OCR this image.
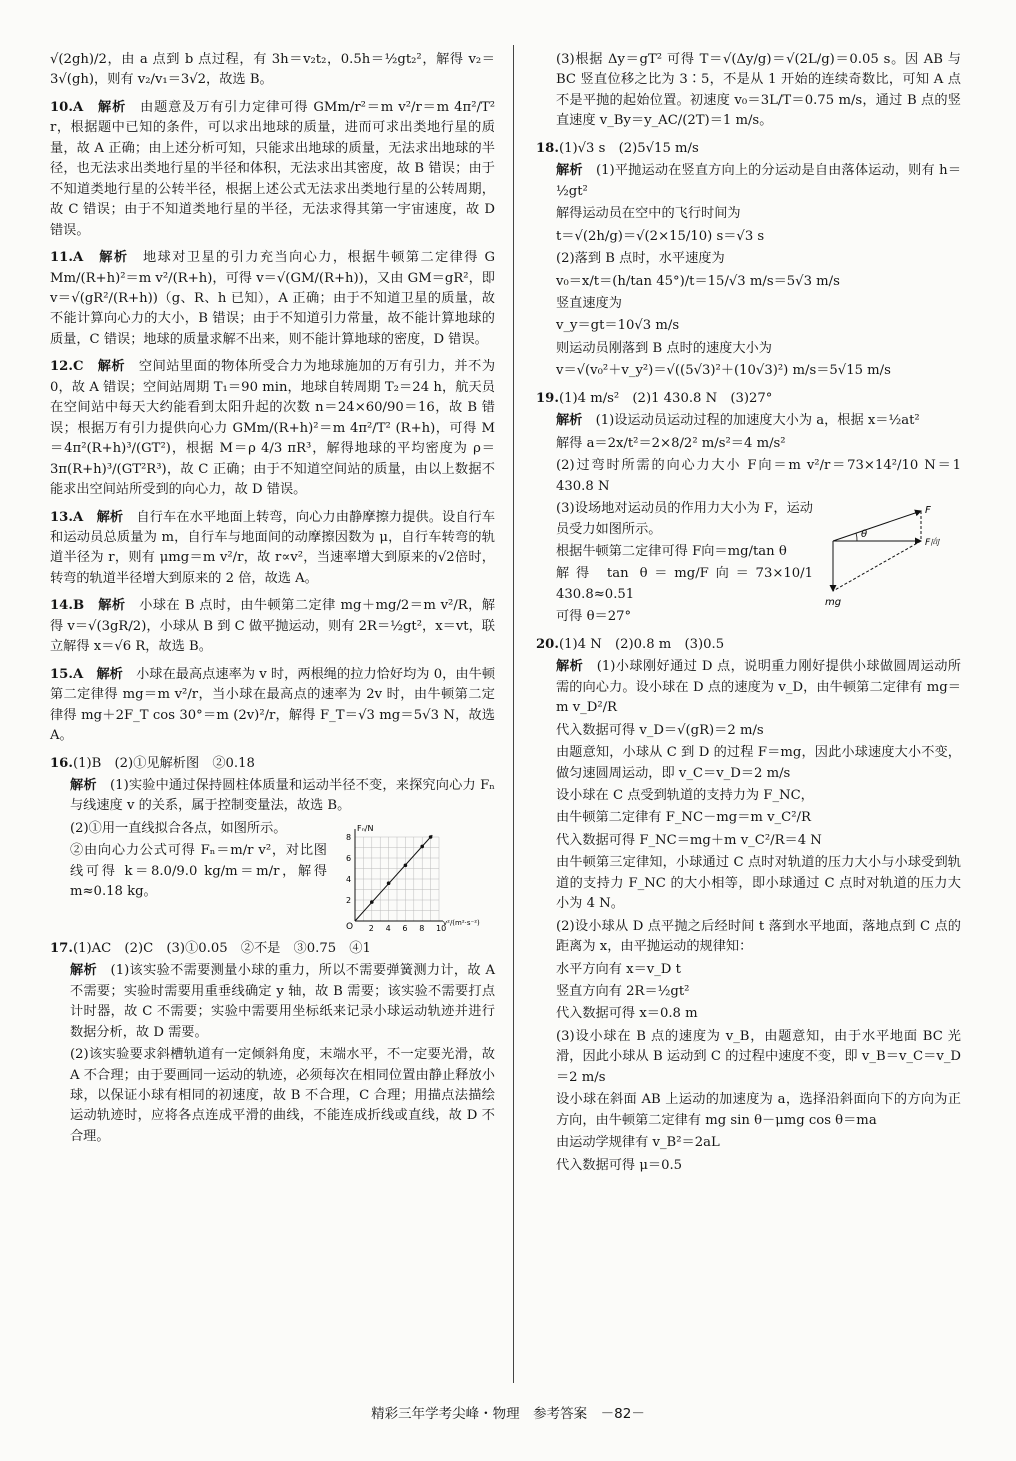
√(2gh)/2，由 a 点到 b 点过程，有 3h＝v₂t₂，0.5h＝½gt₂²，解得 v₂＝3√(gh)，则有 v₂/v₁＝3√2，故选 B。

10.A　 解析　 由题意及万有引力定律可得 GMm/r²＝m v²/r＝m 4π²/T² r，根据题中已知的条件，可以求出地球的质量，进而可求出类地行星的质量，故 A 正确；由上述分析可知，只能求出地球的质量，无法求出地球的半径，也无法求出类地行星的半径和体积，无法求出其密度，故 B 错误；由于不知道类地行星的公转半径，根据上述公式无法求出类地行星的公转周期，故 C 错误；由于不知道类地行星的半径，无法求得其第一宇宙速度，故 D 错误。

11.A　 解析　 地球对卫星的引力充当向心力，根据牛顿第二定律得 G Mm/(R+h)²＝m v²/(R+h)，可得 v＝√(GM/(R+h))，又由 GM＝gR²，即 v＝√(gR²/(R+h))（g、R、h 已知），A 正确；由于不知道卫星的质量，故不能计算向心力的大小，B 错误；由于不知道引力常量，故不能计算地球的质量，C 错误；地球的质量求解不出来，则不能计算地球的密度，D 错误。

12.C　 解析　 空间站里面的物体所受合力为地球施加的万有引力，并不为 0，故 A 错误；空间站周期 T₁＝90 min，地球自转周期 T₂＝24 h，航天员在空间站中每天大约能看到太阳升起的次数 n＝24×60/90＝16，故 B 错误；根据万有引力提供向心力 GMm/(R+h)²＝m 4π²/T² (R+h)，可得 M＝4π²(R+h)³/(GT²)，根据 M＝ρ 4/3 πR³，解得地球的平均密度为 ρ＝3π(R+h)³/(GT²R³)，故 C 正确；由于不知道空间站的质量，由以上数据不能求出空间站所受到的向心力，故 D 错误。

13.A　 解析　 自行车在水平地面上转弯，向心力由静摩擦力提供。设自行车和运动员总质量为 m，自行车与地面间的动摩擦因数为 μ，自行车转弯的轨道半径为 r，则有 μmg＝m v²/r，故 r∝v²，当速率增大到原来的√2倍时，转弯的轨道半径增大到原来的 2 倍，故选 A。

14.B　 解析　 小球在 B 点时，由牛顿第二定律 mg＋mg/2＝m v²/R，解得 v＝√(3gR/2)，小球从 B 到 C 做平抛运动，则有 2R＝½gt²，x＝vt，联立解得 x＝√6 R，故选 B。

15.A　 解析　 小球在最高点速率为 v 时，两根绳的拉力恰好均为 0，由牛顿第二定律得 mg＝m v²/r，当小球在最高点的速率为 2v 时，由牛顿第二定律得 mg＋2F_T cos 30°＝m (2v)²/r，解得 F_T＝√3 mg＝5√3 N，故选 A。

16.(1)B　(2)①见解析图　②0.18

解析　 (1)实验中通过保持圆柱体质量和运动半径不变，来探究向心力 Fₙ 与线速度 v 的关系，属于控制变量法，故选 B。

Fₙ/N
v²/(m²·s⁻²)
O 2 4 6 8 10
2
4
6
8

(2)①用一直线拟合各点，如图所示。

②由向心力公式可得 Fₙ＝m/r v²，对比图线可得 k＝8.0/9.0 kg/m＝m/r，解得 m≈0.18 kg。

17.(1)AC　(2)C　(3)①0.05　②不是　③0.75　④1

解析　 (1)该实验不需要测量小球的重力，所以不需要弹簧测力计，故 A 不需要；实验时需要用重垂线确定 y 轴，故 B 需要；该实验不需要打点计时器，故 C 不需要；实验中需要用坐标纸来记录小球运动轨迹并进行数据分析，故 D 需要。

(2)该实验要求斜槽轨道有一定倾斜角度，末端水平，不一定要光滑，故 A 不合理；由于要画同一运动的轨迹，必须每次在相同位置由静止释放小球，以保证小球有相同的初速度，故 B 不合理，C 合理；用描点法描绘运动轨迹时，应将各点连成平滑的曲线，不能连成折线或直线，故 D 不合理。

(3)根据 Δy＝gT² 可得 T＝√(Δy/g)＝√(2L/g)＝0.05 s。因 AB 与 BC 竖直位移之比为 3∶5，不是从 1 开始的连续奇数比，可知 A 点不是平抛的起始位置。初速度 v₀＝3L/T＝0.75 m/s，通过 B 点的竖直速度 v_By＝y_AC/(2T)＝1 m/s。

18.(1)√3 s　(2)5√15 m/s

解析　 (1)平抛运动在竖直方向上的分运动是自由落体运动，则有 h＝½gt²

解得运动员在空中的飞行时间为

t＝√(2h/g)＝√(2×15/10) s＝√3 s

(2)落到 B 点时，水平速度为

v₀＝x/t＝(h/tan 45°)/t＝15/√3 m/s＝5√3 m/s

竖直速度为

v_y＝gt＝10√3 m/s

则运动员刚落到 B 点时的速度大小为

v＝√(v₀²＋v_y²)＝√((5√3)²＋(10√3)²) m/s＝5√15 m/s

19.(1)4 m/s²　(2)1 430.8 N　(3)27°

解析　 (1)设运动员运动过程的加速度大小为 a，根据 x＝½at²

解得 a＝2x/t²＝2×8/2² m/s²＝4 m/s²

(2)过弯时所需的向心力大小 F向＝m v²/r＝73×14²/10 N＝1 430.8 N

F
θ
F向
mg

(3)设场地对运动员的作用力大小为 F，运动员受力如图所示。

根据牛顿第二定律可得 F向＝mg/tan θ

解得 tan θ＝mg/F向＝73×10/1 430.8≈0.51

可得 θ＝27°

20.(1)4 N　(2)0.8 m　(3)0.5

解析　 (1)小球刚好通过 D 点，说明重力刚好提供小球做圆周运动所需的向心力。设小球在 D 点的速度为 v_D，由牛顿第二定律有 mg＝m v_D²/R

代入数据可得 v_D＝√(gR)＝2 m/s

由题意知，小球从 C 到 D 的过程 F＝mg，因此小球速度大小不变，做匀速圆周运动，即 v_C＝v_D＝2 m/s

设小球在 C 点受到轨道的支持力为 F_NC，

由牛顿第二定律有 F_NC－mg＝m v_C²/R

代入数据可得 F_NC＝mg＋m v_C²/R＝4 N

由牛顿第三定律知，小球通过 C 点时对轨道的压力大小与小球受到轨道的支持力 F_NC 的大小相等，即小球通过 C 点时对轨道的压力大小为 4 N。

(2)设小球从 D 点平抛之后经时间 t 落到水平地面，落地点到 C 点的距离为 x，由平抛运动的规律知：

水平方向有 x＝v_D t

竖直方向有 2R＝½gt²

代入数据可得 x＝0.8 m

(3)设小球在 B 点的速度为 v_B，由题意知，由于水平地面 BC 光滑，因此小球从 B 运动到 C 的过程中速度不变，即 v_B＝v_C＝v_D＝2 m/s

设小球在斜面 AB 上运动的加速度为 a，选择沿斜面向下的方向为正方向，由牛顿第二定律有 mg sin θ－μmg cos θ＝ma

由运动学规律有 v_B²＝2aL

代入数据可得 μ＝0.5

精彩三年学考尖峰・物理　参考答案　－82－
